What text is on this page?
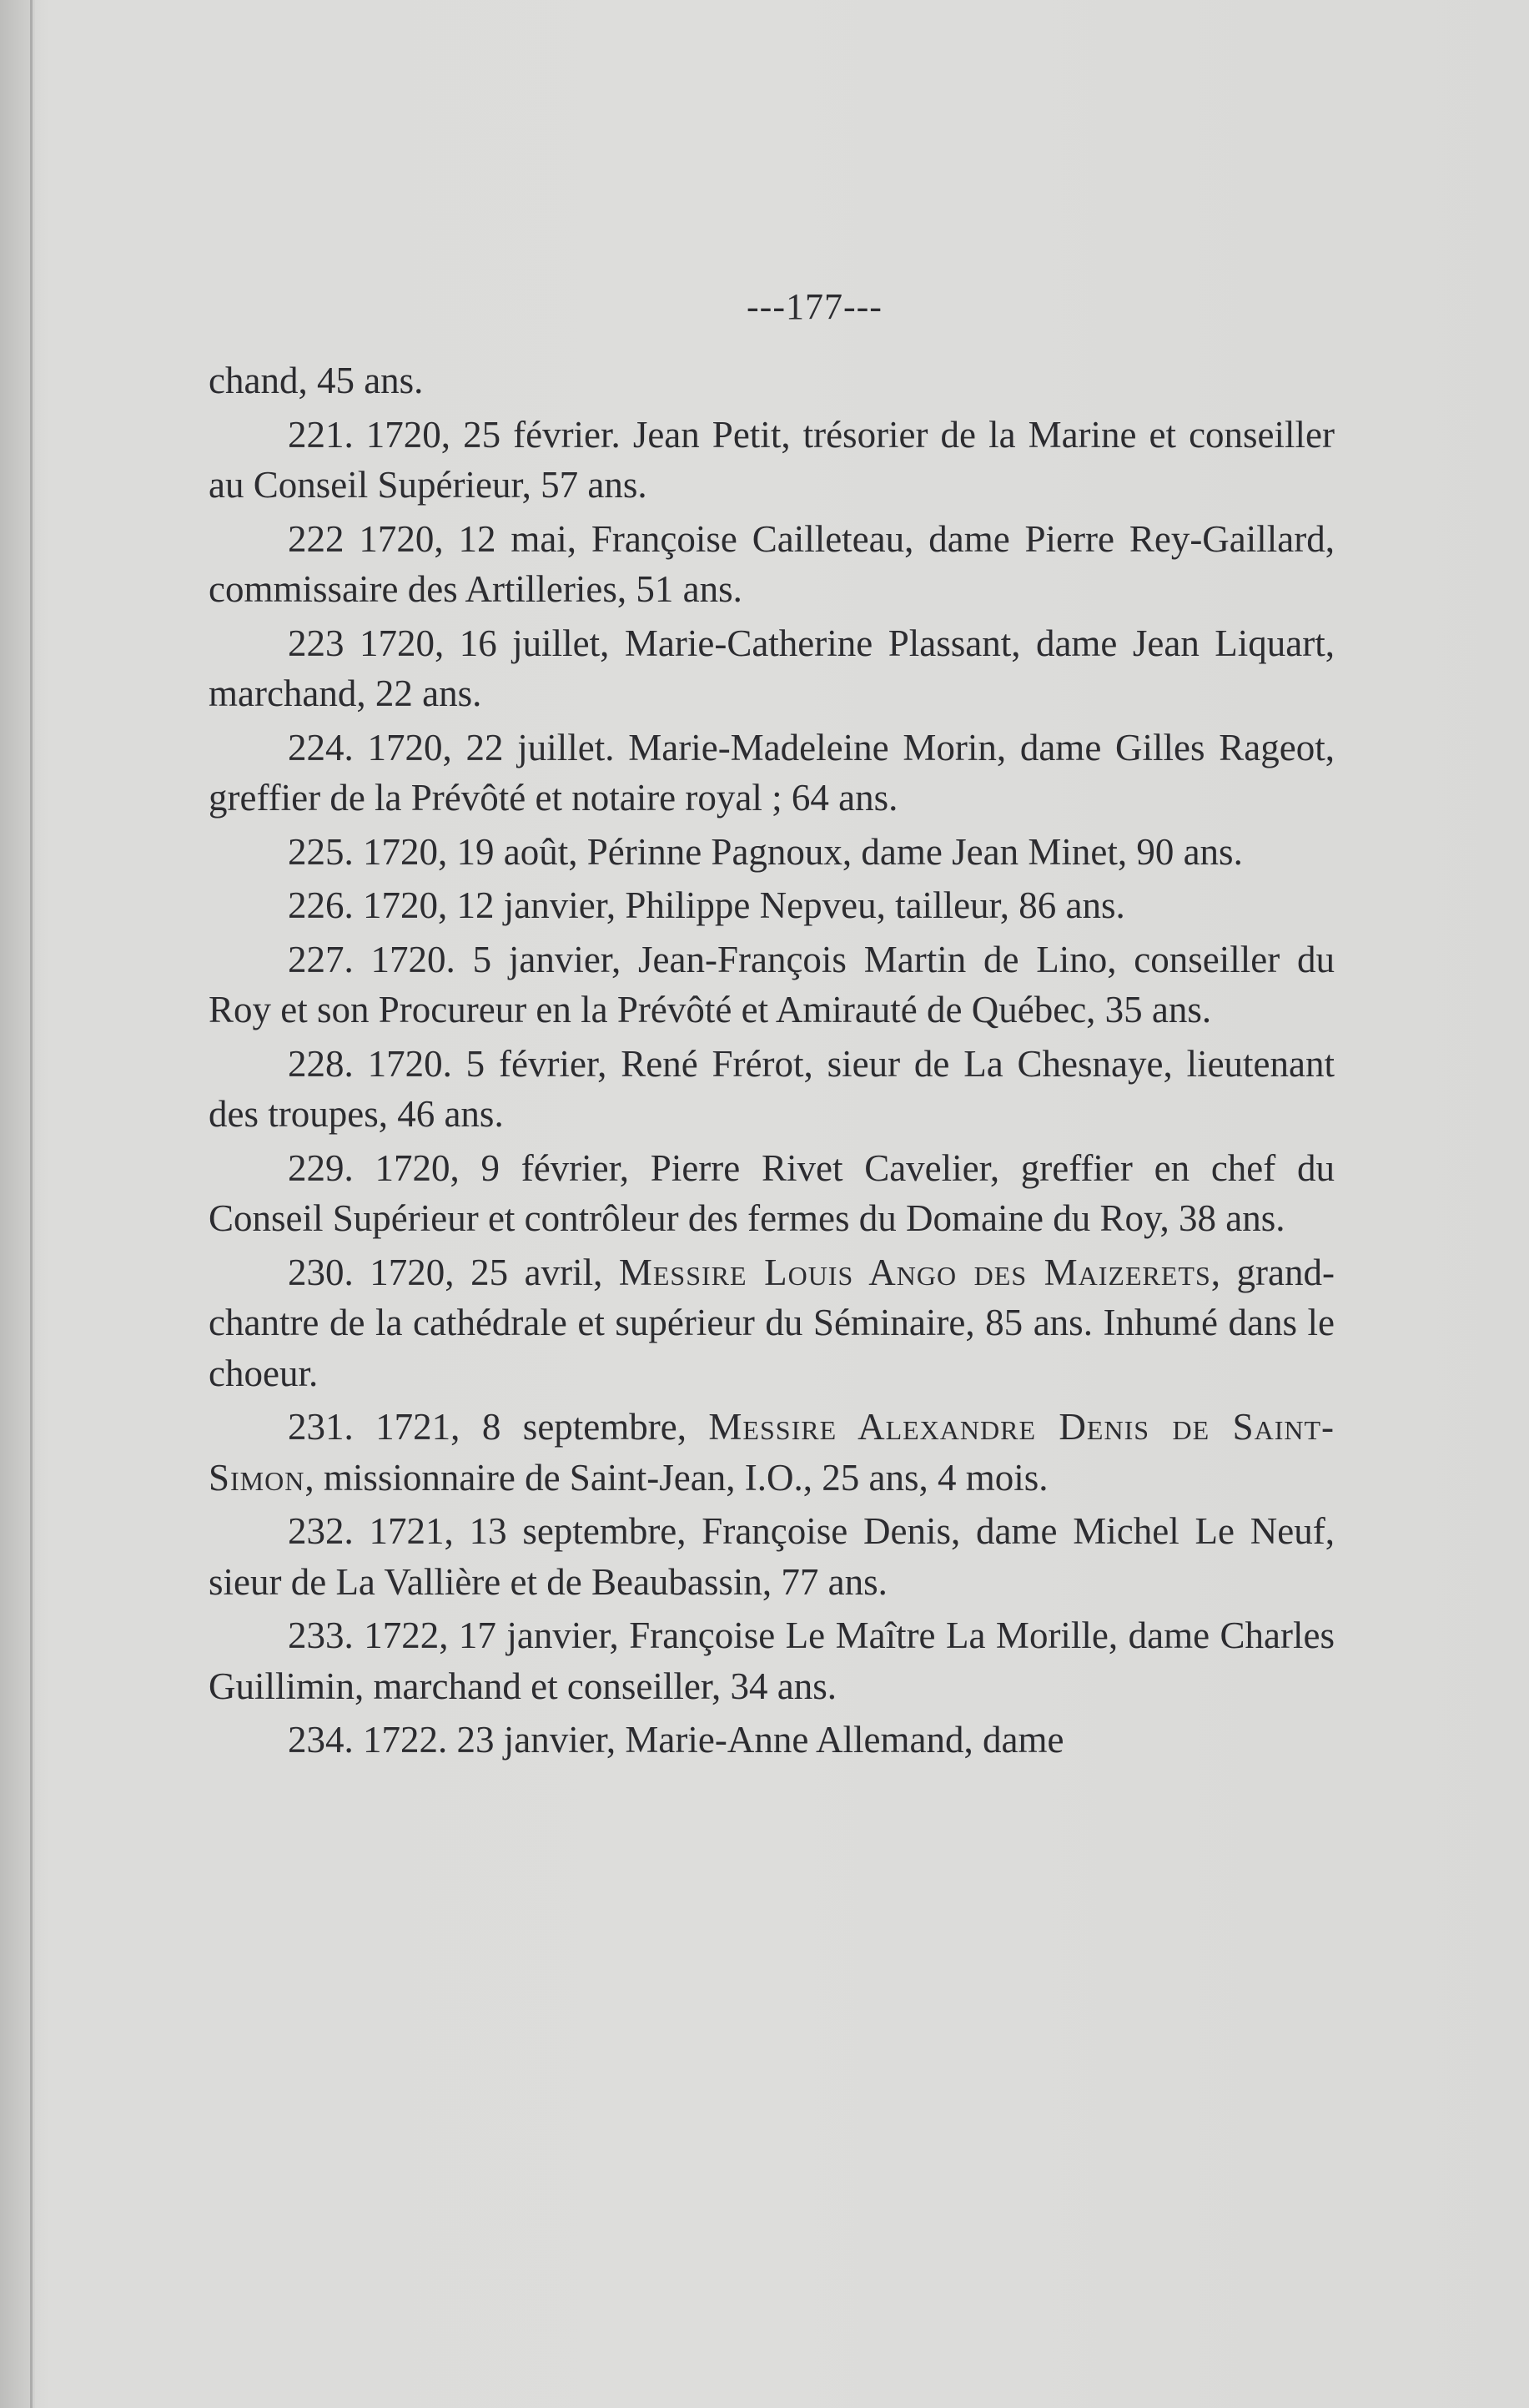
---177---

chand, 45 ans.

221. 1720, 25 février. Jean Petit, trésorier de la Marine et conseiller au Conseil Supérieur, 57 ans.

222 1720, 12 mai, Françoise Cailleteau, dame Pierre Rey-Gaillard, commissaire des Artilleries, 51 ans.

223 1720, 16 juillet, Marie-Catherine Plassant, dame Jean Liquart, marchand, 22 ans.

224. 1720, 22 juillet. Marie-Madeleine Morin, dame Gilles Rageot, greffier de la Prévôté et notaire royal ; 64 ans.

225. 1720, 19 août, Périnne Pagnoux, dame Jean Minet, 90 ans.

226. 1720, 12 janvier, Philippe Nepveu, tailleur, 86 ans.

227. 1720. 5 janvier, Jean-François Martin de Lino, conseiller du Roy et son Procureur en la Prévôté et Amirauté de Québec, 35 ans.

228. 1720. 5 février, René Frérot, sieur de La Chesnaye, lieutenant des troupes, 46 ans.

229. 1720, 9 février, Pierre Rivet Cavelier, greffier en chef du Conseil Supérieur et contrôleur des fermes du Domaine du Roy, 38 ans.

230. 1720, 25 avril, Messire Louis Ango des Maizerets, grand-chantre de la cathédrale et supérieur du Séminaire, 85 ans. Inhumé dans le choeur.

231. 1721, 8 septembre, Messire Alexandre Denis de Saint-Simon, missionnaire de Saint-Jean, I.O., 25 ans, 4 mois.

232. 1721, 13 septembre, Françoise Denis, dame Michel Le Neuf, sieur de La Vallière et de Beaubassin, 77 ans.

233. 1722, 17 janvier, Françoise Le Maître La Morille, dame Charles Guillimin, marchand et conseiller, 34 ans.

234. 1722. 23 janvier, Marie-Anne Allemand, dame
